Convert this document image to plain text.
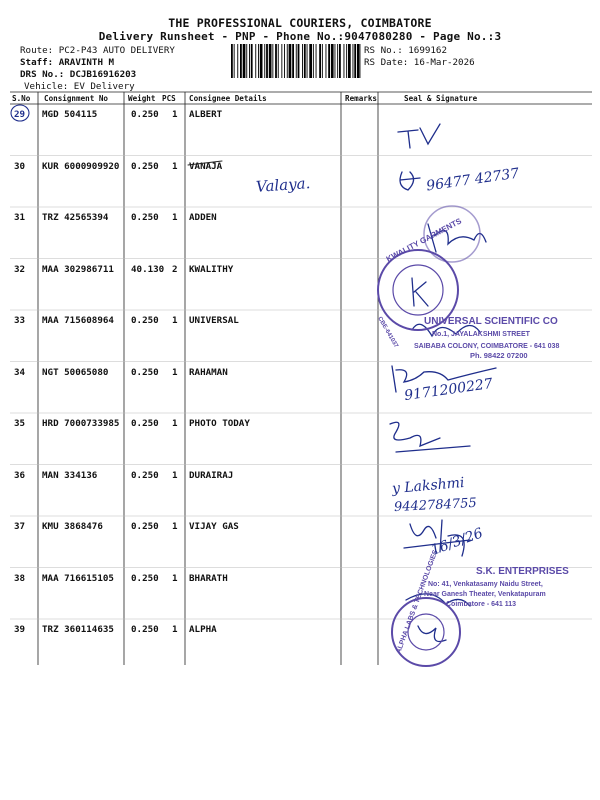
THE PROFESSIONAL COURIERS, COIMBATORE
Delivery Runsheet - PNP - Phone No.:9047080280 - Page No.:3
Route: PC2-P43 AUTO DELIVERY
Staff: ARAVINTH M
DRS No.: DCJB16916203
Vehicle: EV Delivery
RS No.: 1699162
RS Date: 16-Mar-2026
S.No Consignment No	Weight PCS Consignee Details	Remarks	Seal & Signature
29 MGD 504115	0.250 1 ALBERT
30 KUR 6000909920 0.250 1 VANAJA
31 TRZ 42565394 0.250 1 ADDEN
32 MAA 302986711 40.130 2 KWALITHY
33 MAA 715608964 0.250 1 UNIVERSAL
34 NGT 50065080 0.250 1 RAHAMAN
35 HRD 7000733985 0.250 1 PHOTO TODAY
36 MAN 334136	0.250 1 DURAIRAJ
37 KMU 3868476	0.250 1 VIJAY GAS
38 MAA 716615105 0.250 1 BHARATH
39 TRZ 360114635 0.250 1 ALPHA
KWALITY GARMENTS
CBE-641037	UNIVERSAL SCIENTIFIC CO
No.1, JAYALAKSHMI STREET
SAIBABA COLONY, COIMBATORE - 641 038
Ph. 98422 07200
S.K. ENTERPRISES
No: 41, Venkatasamy Naidu Street,
Near Ganesh Theater, Venkatapuram
Coimbatore - 641 113
ALPHA LABS & TECHNOLOGIES
Valaya.	96477 42737
9171200227
y Lakshmi
9442784755
16/3/26
